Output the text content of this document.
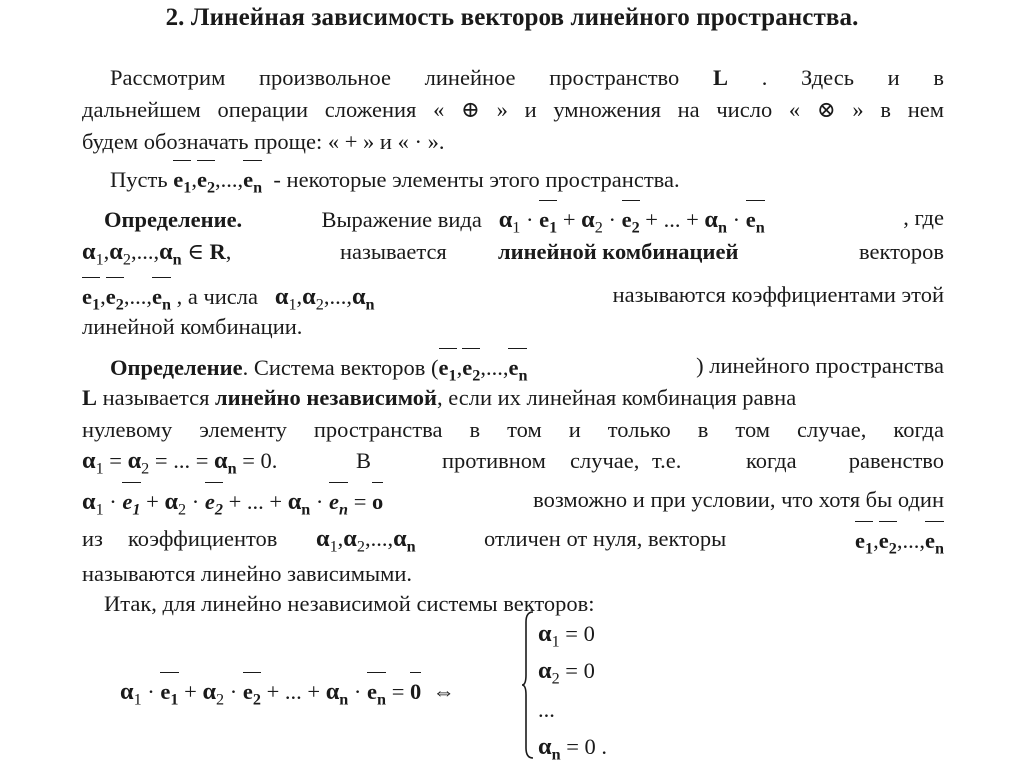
2. Линейная зависимость векторов линейного пространства.
Рассмотрим произвольное линейное пространство L . Здесь и в
дальнейшем операции сложения « ⊕ » и умножения на число « ⊗ » в нем
будем обозначать проще: « + » и « · ».
Пусть $e_1,e_2,...,e_n$ - некоторые элементы этого пространства.
Определение.	Выражение вида $\alpha_1 \cdot e_1 + \alpha_2 \cdot e_2$ + ... + $\alpha_n \cdot e_n$	, где
$\alpha_1,\alpha_2,...,\alpha_n$ ∈ R,	называется линейной комбинацией	векторов
$e_1,e_2,...,e_n$ , а числа $\alpha_1,\alpha_2,...,\alpha_n$	называются коэффициентами этой
линейной комбинации.
Определение. Система векторов ($e_1,e_2,...,e_n$	) линейного пространства
L называется линейно независимой, если их линейная комбинация равна
нулевому элементу пространства в том и только в том случае, когда
$\alpha_1 = \alpha_2$ = ... = $\alpha_n = 0$.	В	противном случае, т.е.	когда равенство
$\alpha_1 \cdot e_1 + \alpha_2 \cdot e_2$ + ... + $\alpha_n \cdot e_n = o$	возможно и при условии, что хотя бы один
из коэффициентов $\alpha_1,\alpha_2,...,\alpha_n$	отличен от нуля, векторы	$e_1,e_2,...,e_n$
называются линейно зависимыми.
Итак, для линейно независимой системы векторов:
$\alpha_1 \cdot e_1 + \alpha_2 \cdot e_2$ + ... + $\alpha_n \cdot e_n = 0$  ⇔
$\alpha_1 = 0$
$\alpha_2 = 0$
...
$\alpha_n = 0$ .
